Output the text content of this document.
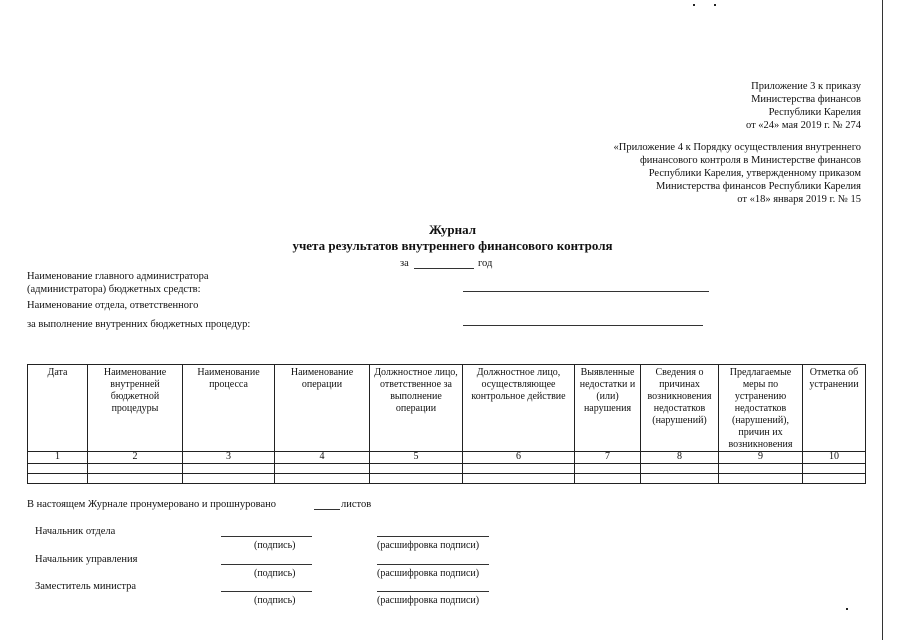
Приложение 3 к приказу
Министерства финансов
Республики Карелия
от «24» мая 2019 г. № 274
«Приложение 4 к Порядку осуществления внутреннего
финансового контроля в Министерстве финансов
Республики Карелия, утвержденному приказом
Министерства финансов Республики Карелия
от «18» января 2019 г. № 15
Журнал
учета результатов внутреннего финансового контроля
за	год
Наименование главного администратора
(администратора) бюджетных средств:
Наименование отдела, ответственного
за выполнение внутренних бюджетных процедур:
Дата	Наименование внутренней бюджетной процедуры	Наименование процесса	Наименование операции	Должностное лицо, ответственное за выполнение операции	Должностное лицо, осуществляющее контрольное действие	Выявленные недостатки и (или) нарушения	Сведения о причинах возникновения недостатков (нарушений)	Предлагаемые меры по устранению недостатков (нарушений), причин их возникновения	Отметка об устранении
1	2	3	4	5	6	7	8	9	10

В настоящем Журнале пронумеровано и прошнуровано	листов
Начальник отдела
(подпись)	(расшифровка подписи)
Начальник управления
(подпись)	(расшифровка подписи)
Заместитель министра
(подпись)	(расшифровка подписи)
